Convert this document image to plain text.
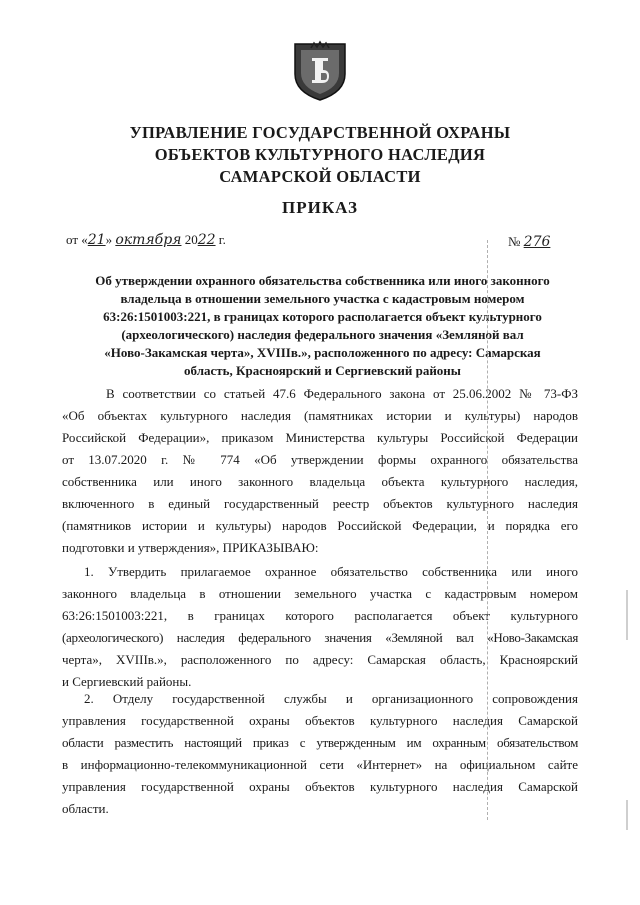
УПРАВЛЕНИЕ ГОСУДАРСТВЕННОЙ ОХРАНЫ
ОБЪЕКТОВ КУЛЬТУРНОГО НАСЛЕДИЯ
САМАРСКОЙ ОБЛАСТИ
ПРИКАЗ
от «21» октября 2022 г.	№ 276
Об утверждении охранного обязательства собственника или иного законного
владельца в отношении земельного участка с кадастровым номером
63:26:1501003:221, в границах которого располагается объект культурного
(археологического) наследия федерального значения «Земляной вал
«Ново-Закамская черта», XVIIIв.», расположенного по адресу: Самарская
область, Красноярский и Сергиевский районы
В соответствии со статьей 47.6 Федерального закона от 25.06.2002 № 73-ФЗ
«Об объектах культурного наследия (памятниках истории и культуры) народов
Российской Федерации», приказом Министерства культуры Российской Федерации
от 13.07.2020 г. № 774 «Об утверждении формы охранного обязательства
собственника или иного законного владельца объекта культурного наследия,
включенного в единый государственный реестр объектов культурного наследия
(памятников истории и культуры) народов Российской Федерации, и порядка его
подготовки и утверждения», ПРИКАЗЫВАЮ:
1. Утвердить прилагаемое охранное обязательство собственника или иного
законного владельца в отношении земельного участка с кадастровым номером
63:26:1501003:221, в границах которого располагается объект культурного
(археологического) наследия федерального значения «Земляной вал «Ново-Закамская
черта», XVIIIв.», расположенного по адресу: Самарская область, Красноярский
и Сергиевский районы.
2. Отделу государственной службы и организационного сопровождения
управления государственной охраны объектов культурного наследия Самарской
области разместить настоящий приказ с утвержденным им охранным обязательством
в информационно-телекоммуникационной сети «Интернет» на официальном сайте
управления государственной охраны объектов культурного наследия Самарской
области.
